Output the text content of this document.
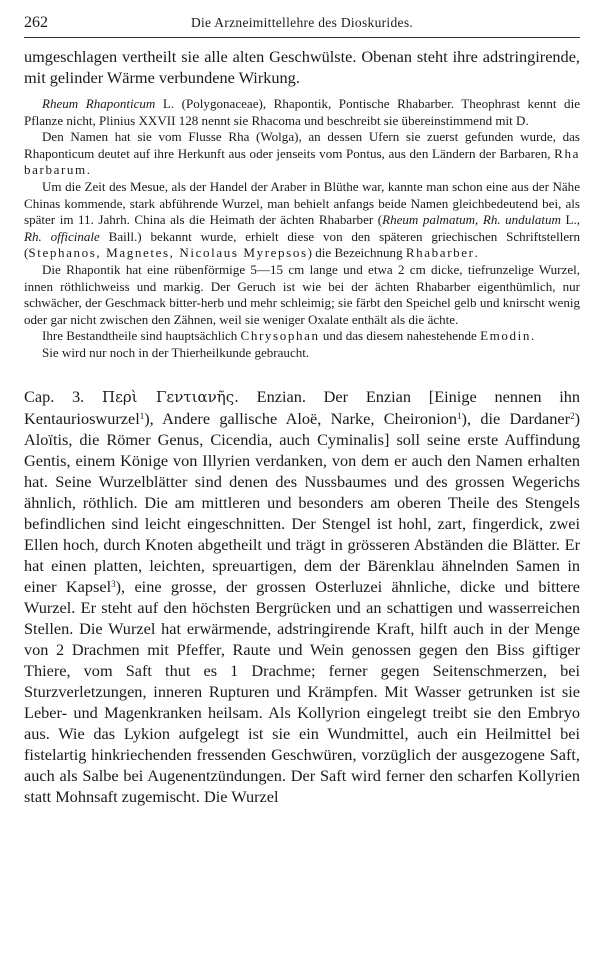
262	Die Arzneimittellehre des Dioskurides.

umgeschlagen vertheilt sie alle alten Geschwülste. Obenan steht ihre adstringirende, mit gelinder Wärme verbundene Wirkung.

Rheum Rhaponticum L. (Polygonaceae), Rhapontik, Pontische Rhabarber. Theophrast kennt die Pflanze nicht, Plinius XXVII 128 nennt sie Rhacoma und beschreibt sie übereinstimmend mit D.

Den Namen hat sie vom Flusse Rha (Wolga), an dessen Ufern sie zuerst gefunden wurde, das Rhaponticum deutet auf ihre Herkunft aus oder jenseits vom Pontus, aus den Ländern der Barbaren, Rha barbarum.

Um die Zeit des Mesue, als der Handel der Araber in Blüthe war, kannte man schon eine aus der Nähe Chinas kommende, stark abführende Wurzel, man behielt anfangs beide Namen gleichbedeutend bei, als später im 11. Jahrh. China als die Heimath der ächten Rhabarber (Rheum palmatum, Rh. undulatum L., Rh. officinale Baill.) bekannt wurde, erhielt diese von den späteren griechischen Schriftstellern (Stephanos, Magnetes, Nicolaus Myrepsos) die Bezeichnung Rhabarber.

Die Rhapontik hat eine rübenförmige 5—15 cm lange und etwa 2 cm dicke, tiefrunzelige Wurzel, innen röthlichweiss und markig. Der Geruch ist wie bei der ächten Rhabarber eigenthümlich, nur schwächer, der Geschmack bitter-herb und mehr schleimig; sie färbt den Speichel gelb und knirscht wenig oder gar nicht zwischen den Zähnen, weil sie weniger Oxalate enthält als die ächte.

Ihre Bestandtheile sind hauptsächlich Chrysophan und das diesem nahestehende Emodin.

Sie wird nur noch in der Thierheilkunde gebraucht.

Cap. 3. Περὶ Γεντιανῆς. Enzian. Der Enzian [Einige nennen ihn Kentaurioswurzel$^1$), Andere gallische Aloë, Narke, Cheironion$^1$), die Dardaner$^2$) Aloïtis, die Römer Genus, Cicendia, auch Cyminalis] soll seine erste Auffindung Gentis, einem Könige von Illyrien verdanken, von dem er auch den Namen erhalten hat. Seine Wurzelblätter sind denen des Nussbaumes und des grossen Wegerichs ähnlich, röthlich. Die am mittleren und besonders am oberen Theile des Stengels befindlichen sind leicht eingeschnitten. Der Stengel ist hohl, zart, fingerdick, zwei Ellen hoch, durch Knoten abgetheilt und trägt in grösseren Abständen die Blätter. Er hat einen platten, leichten, spreuartigen, dem der Bärenklau ähnelnden Samen in einer Kapsel$^3$), eine grosse, der grossen Osterluzei ähnliche, dicke und bittere Wurzel. Er steht auf den höchsten Bergrücken und an schattigen und wasserreichen Stellen. Die Wurzel hat erwärmende, adstringirende Kraft, hilft auch in der Menge von 2 Drachmen mit Pfeffer, Raute und Wein genossen gegen den Biss giftiger Thiere, vom Saft thut es 1 Drachme; ferner gegen Seitenschmerzen, bei Sturzverletzungen, inneren Rupturen und Krämpfen. Mit Wasser getrunken ist sie Leber- und Magenkranken heilsam. Als Kollyrion eingelegt treibt sie den Embryo aus. Wie das Lykion aufgelegt ist sie ein Wundmittel, auch ein Heilmittel bei fistelartig hinkriechenden fressenden Geschwüren, vorzüglich der ausgezogene Saft, auch als Salbe bei Augenentzündungen. Der Saft wird ferner den scharfen Kollyrien statt Mohnsaft zugemischt. Die Wurzel
